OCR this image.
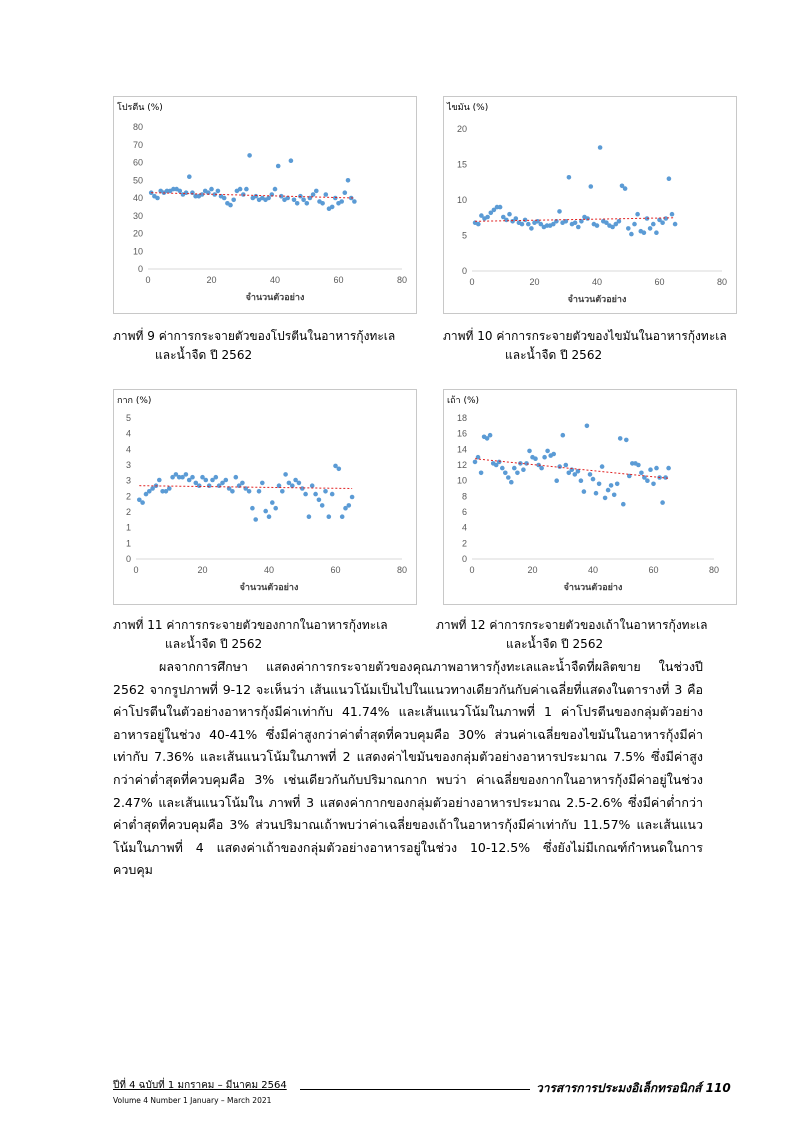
โปรตีน (%)
0
10
20
30
40
50
60
70
80
0	20	40	60	80
จำนวนตัวอย่าง
ภาพที่ 9 ค่าการกระจายตัวของโปรตีนในอาหารกุ้งทะเล
และน้ำจืด ปี 2562
ไขมัน (%)
0
5
10
15
20
0	20	40	60	80
จำนวนตัวอย่าง
ภาพที่ 10 ค่าการกระจายตัวของไขมันในอาหารกุ้งทะเล
และน้ำจืด ปี 2562
กาก (%)
0
1
1
2
2
3
3
4
4
5
0	20	40	60	80
จำนวนตัวอย่าง
ภาพที่ 11 ค่าการกระจายตัวของกากในอาหารกุ้งทะเล
และน้ำจืด ปี 2562
เถ้า (%)
0
2
4
6
8
10
12
14
16
18
0	20	40	60	80
จำนวนตัวอย่าง
ภาพที่ 12 ค่าการกระจายตัวของเถ้าในอาหารกุ้งทะเล
และน้ำจืด ปี 2562

ผลจากการศึกษา แสดงค่าการกระจายตัวของคุณภาพอาหารกุ้งทะเลและน้ำจืดที่ผลิตขาย ในช่วงปี 2562 จากรูปภาพที่ 9-12 จะเห็นว่า เส้นแนวโน้มเป็นไปในแนวทางเดียวกันกับค่าเฉลี่ยที่แสดงในตารางที่ 3 คือ ค่าโปรตีนในตัวอย่างอาหารกุ้งมีค่าเท่ากับ 41.74% และเส้นแนวโน้มในภาพที่ 1 ค่าโปรตีนของกลุ่มตัวอย่างอาหารอยู่ในช่วง 40-41% ซึ่งมีค่าสูงกว่าค่าต่ำสุดที่ควบคุมคือ 30% ส่วนค่าเฉลี่ยของไขมันในอาหารกุ้งมีค่าเท่ากับ 7.36% และเส้นแนวโน้มในภาพที่ 2 แสดงค่าไขมันของกลุ่มตัวอย่างอาหารประมาณ 7.5% ซึ่งมีค่าสูงกว่าค่าต่ำสุดที่ควบคุมคือ 3% เช่นเดียวกันกับปริมาณกาก พบว่า ค่าเฉลี่ยของกากในอาหารกุ้งมีค่าอยู่ในช่วง 2.47% และเส้นแนวโน้มใน ภาพที่ 3 แสดงค่ากากของกลุ่มตัวอย่างอาหารประมาณ 2.5-2.6% ซึ่งมีค่าต่ำกว่าค่าต่ำสุดที่ควบคุมคือ 3% ส่วนปริมาณเถ้าพบว่าค่าเฉลี่ยของเถ้าในอาหารกุ้งมีค่าเท่ากับ 11.57% และเส้นแนวโน้มในภาพที่ 4 แสดงค่าเถ้าของกลุ่มตัวอย่างอาหารอยู่ในช่วง 10-12.5% ซึ่งยังไม่มีเกณฑ์กำหนดในการควบคุม

ปีที่ 4 ฉบับที่ 1 มกราคม – มีนาคม 2564
Volume 4 Number 1 January – March 2021
วารสารการประมงอิเล็กทรอนิกส์ 110
